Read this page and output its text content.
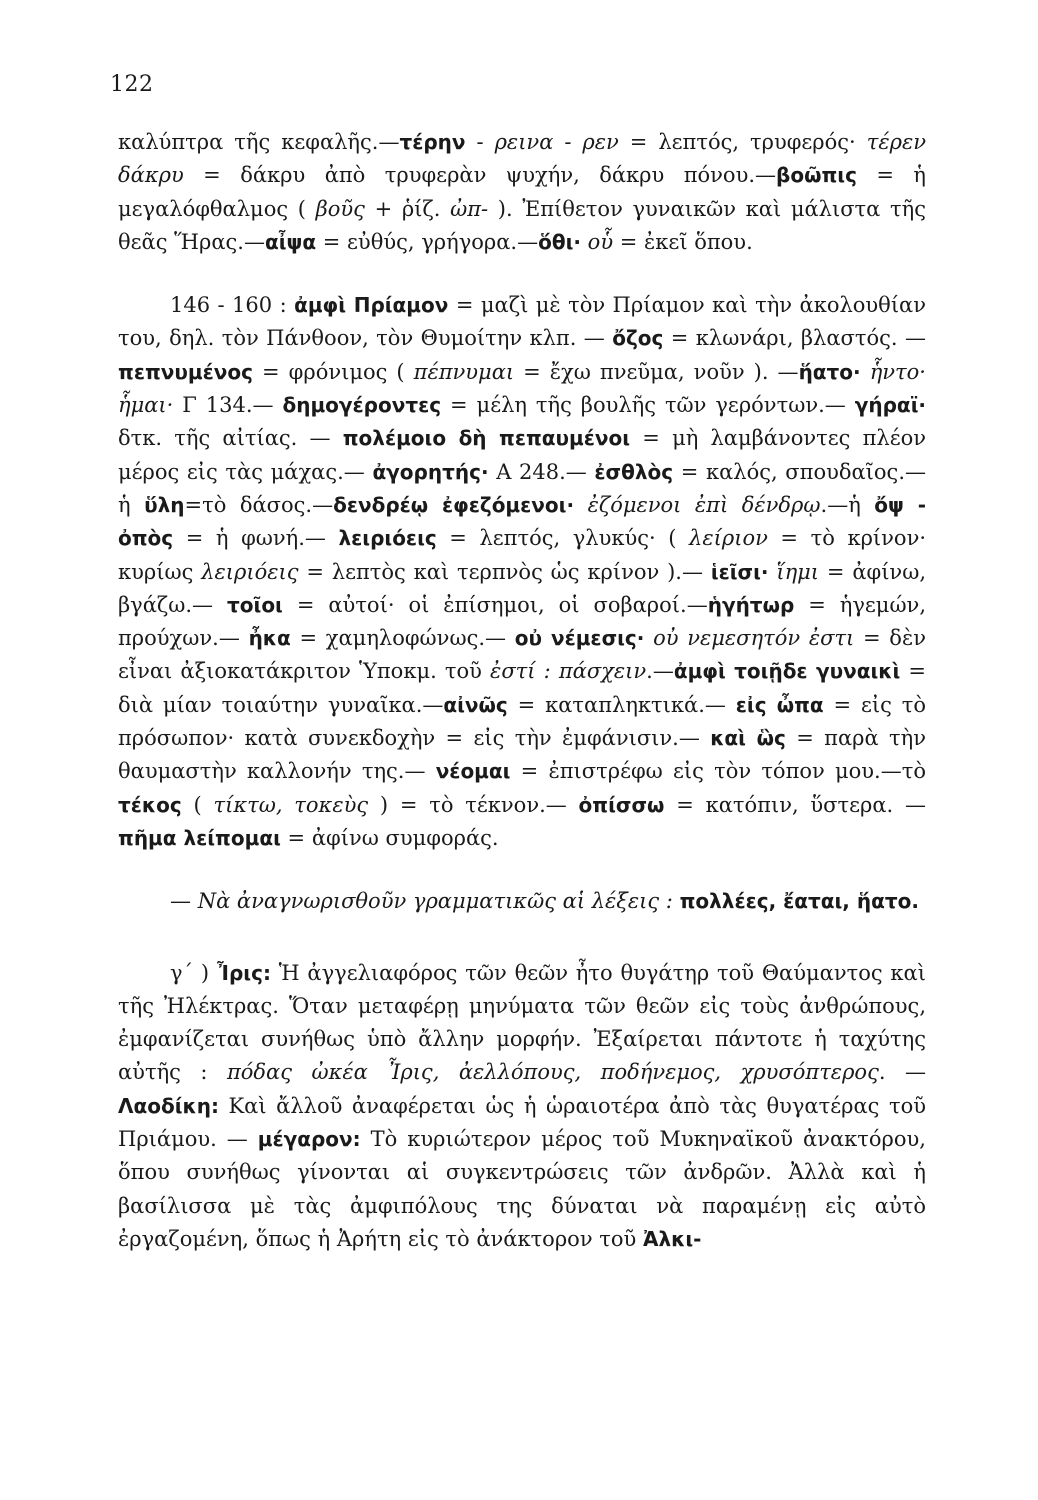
122

καλύπτρα τῆς κεφαλῆς.—τέρην - ρεινα - ρεν = λεπτός, τρυφερός· τέρεν δάκρυ = δάκρυ ἀπὸ τρυφερὰν ψυχήν, δάκρυ πόνου.—βοῶπις = ἡ μεγαλόφθαλμος ( βοῦς + ῥίζ. ὠπ- ). Ἐπίθετον γυναικῶν καὶ μάλιστα τῆς θεᾶς Ἥρας.—αἶψα = εὐθύς, γρήγορα.—ὅθι· οὗ = ἐκεῖ ὅπου.

146 - 160 : ἀμφὶ Πρίαμον = μαζὶ μὲ τὸν Πρίαμον καὶ τὴν ἀκολουθίαν του, δηλ. τὸν Πάνθοον, τὸν Θυμοίτην κλπ. — ὄζος = κλωνάρι, βλαστός. — πεπνυμένος = φρόνιμος ( πέπνυμαι = ἔχω πνεῦμα, νοῦν ). —ἥατο· ἧντο· ἧμαι· Γ 134.— δημογέροντες = μέλη τῆς βουλῆς τῶν γερόντων.— γήραϊ· δτκ. τῆς αἰτίας. — πολέμοιο δὴ πεπαυμένοι = μὴ λαμβάνοντες πλέον μέρος εἰς τὰς μάχας.— ἀγορητής· Α 248.— ἐσθλὸς = καλός, σπουδαῖος.—ἡ ὕλη=τὸ δάσος.—δενδρέῳ ἐφεζόμενοι· ἐζόμενοι ἐπὶ δένδρῳ.—ἡ ὄψ - ὀπὸς = ἡ φωνή.— λειριόεις = λεπτός, γλυκύς· ( λείριον = τὸ κρίνον· κυρίως λειριόεις = λεπτὸς καὶ τερπνὸς ὡς κρίνον ).— ἱεῖσι· ἵημι = ἀφίνω, βγάζω.— τοῖοι = αὐτοί· οἱ ἐπίσημοι, οἱ σοβαροί.—ἡγήτωρ = ἡγεμών, προύχων.— ἦκα = χαμηλοφώνως.— οὐ νέμεσις· οὐ νεμεσητόν ἐστι = δὲν εἶναι ἀξιοκατάκριτον Ὑποκμ. τοῦ ἐστί : πάσχειν.—ἀμφὶ τοιῇδε γυναικὶ = διὰ μίαν τοιαύτην γυναῖκα.—αἰνῶς = καταπληκτικά.— εἰς ὦπα = εἰς τὸ πρόσωπον· κατὰ συνεκδοχὴν = εἰς τὴν ἐμφάνισιν.— καὶ ὣς = παρὰ τὴν θαυμαστὴν καλλονήν της.— νέομαι = ἐπιστρέφω εἰς τὸν τόπον μου.—τὸ τέκος ( τίκτω, τοκεὺς ) = τὸ τέκνον.— ὀπίσσω = κατόπιν, ὕστερα. — πῆμα λείπομαι = ἀφίνω συμφοράς.

— Νὰ ἀναγνωρισθοῦν γραμματικῶς αἱ λέξεις : πολλέες, ἔαται, ἥατο.

γ΄ ) Ἶρις: Ἡ ἀγγελιαφόρος τῶν θεῶν ἦτο θυγάτηρ τοῦ Θαύμαντος καὶ τῆς Ἠλέκτρας. Ὅταν μεταφέρῃ μηνύματα τῶν θεῶν εἰς τοὺς ἀνθρώπους, ἐμφανίζεται συνήθως ὑπὸ ἄλλην μορφήν. Ἐξαίρεται πάντοτε ἡ ταχύτης αὐτῆς : πόδας ὠκέα Ἶρις, ἀελλόπους, ποδήνεμος, χρυσόπτερος. — Λαοδίκη: Καὶ ἄλλοῦ ἀναφέρεται ὡς ἡ ὡραιοτέρα ἀπὸ τὰς θυγατέρας τοῦ Πριάμου. — μέγαρον: Τὸ κυριώτερον μέρος τοῦ Μυκηναϊκοῦ ἀνακτόρου, ὅπου συνήθως γίνονται αἱ συγκεντρώσεις τῶν ἀνδρῶν. Ἀλλὰ καὶ ἡ βασίλισσα μὲ τὰς ἀμφιπόλους της δύναται νὰ παραμένῃ εἰς αὐτὸ ἐργαζομένη, ὅπως ἡ Ἀρήτη εἰς τὸ ἀνάκτορον τοῦ Ἀλκι-
